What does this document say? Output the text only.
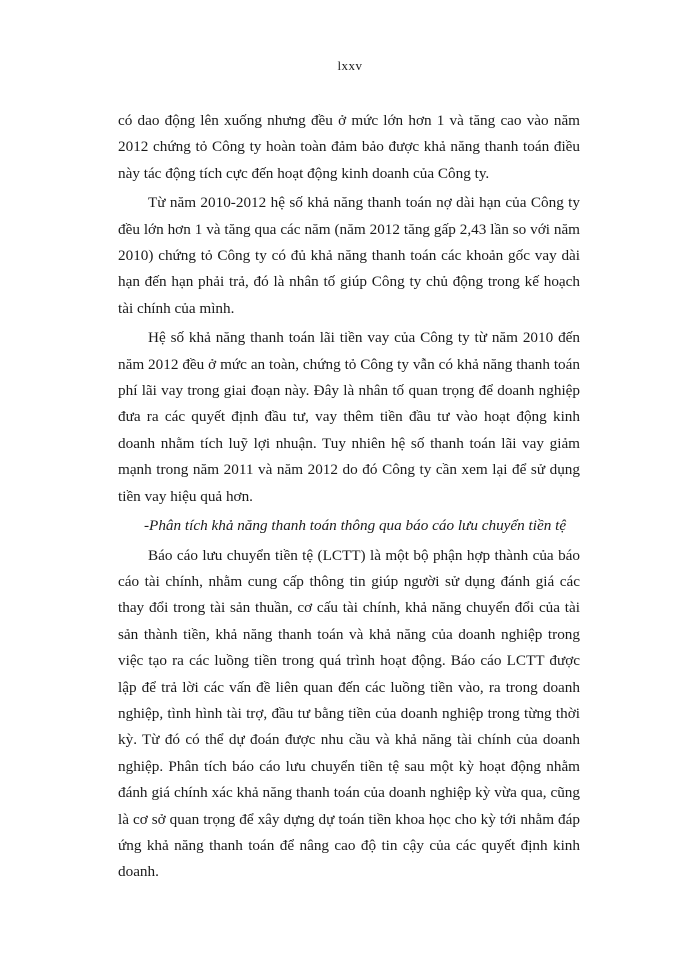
lxxv

có dao động lên xuống nhưng đều ở mức lớn hơn 1 và tăng cao vào năm 2012 chứng tỏ Công ty hoàn toàn đảm bảo được khả năng thanh toán điều này tác động tích cực đến hoạt động kinh doanh của Công ty.

Từ năm 2010-2012 hệ số khả năng thanh toán nợ dài hạn của Công ty đều lớn hơn 1 và tăng qua các năm (năm 2012 tăng gấp 2,43 lần so với năm 2010) chứng tỏ Công ty có đủ khả năng thanh toán các khoản gốc vay dài hạn đến hạn phải trả, đó là nhân tố giúp Công ty chủ động trong kế hoạch tài chính của mình.

Hệ số khả năng thanh toán lãi tiền vay của Công ty từ năm 2010 đến năm 2012 đều ở mức an toàn, chứng tỏ Công ty vẫn có khả năng thanh toán phí lãi vay trong giai đoạn này. Đây là nhân tố quan trọng để doanh nghiệp đưa ra các quyết định đầu tư, vay thêm tiền đầu tư vào hoạt động kinh doanh nhằm tích luỹ lợi nhuận. Tuy nhiên hệ số thanh toán lãi vay giảm mạnh trong năm 2011 và năm 2012 do đó Công ty cần xem lại để sử dụng tiền vay hiệu quả hơn.

-Phân tích khả năng thanh toán thông qua báo cáo lưu chuyển tiền tệ

Báo cáo lưu chuyển tiền tệ (LCTT) là một bộ phận hợp thành của báo cáo tài chính, nhằm cung cấp thông tin giúp người sử dụng đánh giá các thay đổi trong tài sản thuần, cơ cấu tài chính, khả năng chuyển đổi của tài sản thành tiền, khả năng thanh toán và khả năng của doanh nghiệp trong việc tạo ra các luồng tiền trong quá trình hoạt động. Báo cáo LCTT được lập để trả lời các vấn đề liên quan đến các luồng tiền vào, ra trong doanh nghiệp, tình hình tài trợ, đầu tư bằng tiền của doanh nghiệp trong từng thời kỳ. Từ đó có thể dự đoán được nhu cầu và khả năng tài chính của doanh nghiệp. Phân tích báo cáo lưu chuyển tiền tệ sau một kỳ hoạt động nhằm đánh giá chính xác khả năng thanh toán của doanh nghiệp kỳ vừa qua, cũng là cơ sở quan trọng để xây dựng dự toán tiền khoa học cho kỳ tới nhằm đáp ứng khả năng thanh toán để nâng cao độ tin cậy của các quyết định kinh doanh.
